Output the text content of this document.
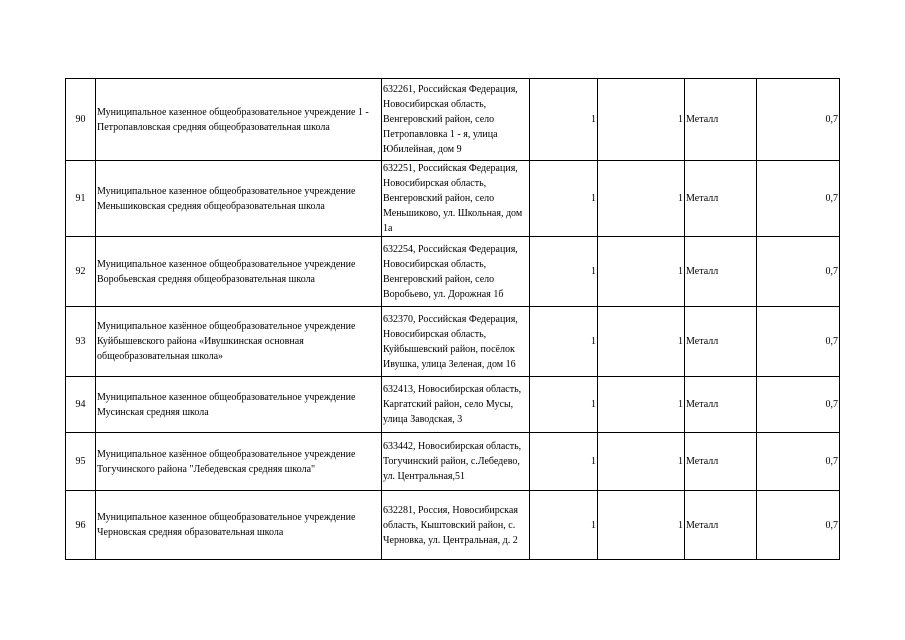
90	Муниципальное казенное общеобразовательное учреждение 1 - Петропавловская средняя общеобразовательная школа	632261, Российская Федерация, Новосибирская область, Венгеровский район, село Петропавловка 1 - я, улица Юбилейная, дом 9	1	1	Металл	0,7
91	Муниципальное казенное общеобразовательное учреждение Меньшиковская средняя общеобразовательная школа	632251, Российская Федерация, Новосибирская область, Венгеровский район, село Меньшиково, ул. Школьная, дом 1а	1	1	Металл	0,7
92	Муниципальное казенное общеобразовательное учреждение Воробьевская средняя общеобразовательная школа	632254, Российская Федерация, Новосибирская область, Венгеровский район, село Воробьево, ул. Дорожная 1б	1	1	Металл	0,7
93	Муниципальное казённое общеобразовательное учреждение Куйбышевского района «Ивушкинская основная общеобразовательная школа»	632370, Российская Федерация, Новосибирская область, Куйбышевский район, посёлок Ивушка, улица Зеленая, дом 16	1	1	Металл	0,7
94	Муниципальное казенное общеобразовательное учреждение Мусинская средняя школа	632413, Новосибирская область, Каргатский район, село Мусы, улица Заводская, 3	1	1	Металл	0,7
95	Муниципальное казённое общеобразовательное учреждение Тогучинского района "Лебедевская средняя школа"	633442, Новосибирская область, Тогучинский район, с.Лебедево, ул. Центральная,51	1	1	Металл	0,7
96	Муниципальное казенное общеобразовательное учреждение Черновская средняя образовательная школа	632281, Россия, Новосибирская область, Кыштовский район, с. Черновка, ул. Центральная, д. 2	1	1	Металл	0,7
